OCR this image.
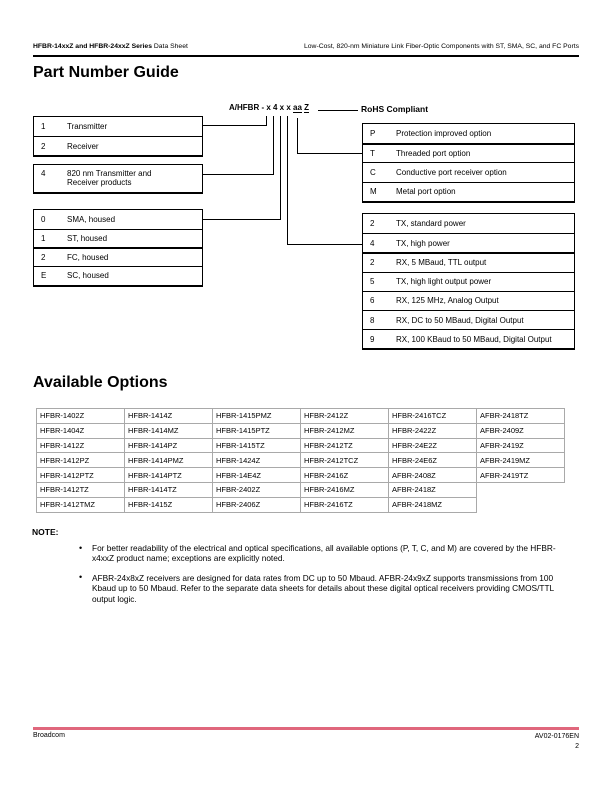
HFBR-14xxZ and HFBR-24xxZ Series Data Sheet	Low-Cost, 820-nm Miniature Link Fiber-Optic Components with ST, SMA, SC, and FC Ports
Part Number Guide
A/HFBR - x 4 x x aa Z	RoHS Compliant
1	Transmitter
2	Receiver
4	820 nm Transmitter and
Receiver products
0	SMA, housed
1	ST, housed
2	FC, housed
E	SC, housed
P	Protection improved option
T	Threaded port option
C	Conductive port receiver option
M	Metal port option
2	TX, standard power
4	TX, high power
2	RX, 5 MBaud, TTL output
5	TX, high light output power
6	RX, 125 MHz, Analog Output
8	RX, DC to 50 MBaud, Digital Output
9	RX, 100 KBaud to 50 MBaud, Digital Output
Available Options
HFBR-1402Z	HFBR-1414Z	HFBR-1415PMZ	HFBR-2412Z	HFBR-2416TCZ	AFBR-2418TZ
HFBR-1404Z	HFBR-1414MZ	HFBR-1415PTZ	HFBR-2412MZ	HFBR-2422Z	AFBR-2409Z
HFBR-1412Z	HFBR-1414PZ	HFBR-1415TZ	HFBR-2412TZ	HFBR-24E2Z	AFBR-2419Z
HFBR-1412PZ	HFBR-1414PMZ	HFBR-1424Z	HFBR-2412TCZ	HFBR-24E6Z	AFBR-2419MZ
HFBR-1412PTZ	HFBR-1414PTZ	HFBR-14E4Z	HFBR-2416Z	AFBR-2408Z	AFBR-2419TZ
HFBR-1412TZ	HFBR-1414TZ	HFBR-2402Z	HFBR-2416MZ	AFBR-2418Z	
HFBR-1412TMZ	HFBR-1415Z	HFBR-2406Z	HFBR-2416TZ	AFBR-2418MZ	
NOTE:
• For better readability of the electrical and optical specifications, all available options (P, T, C, and M) are covered by the HFBR-x4xxZ product name; exceptions are explicitly noted.
• AFBR-24x8xZ receivers are designed for data rates from DC up to 50 Mbaud. AFBR-24x9xZ supports transmissions from 100 Kbaud up to 50 Mbaud. Refer to the separate data sheets for details about these digital optical receivers providing CMOS/TTL output logic.
Broadcom	AV02-0176EN
2
